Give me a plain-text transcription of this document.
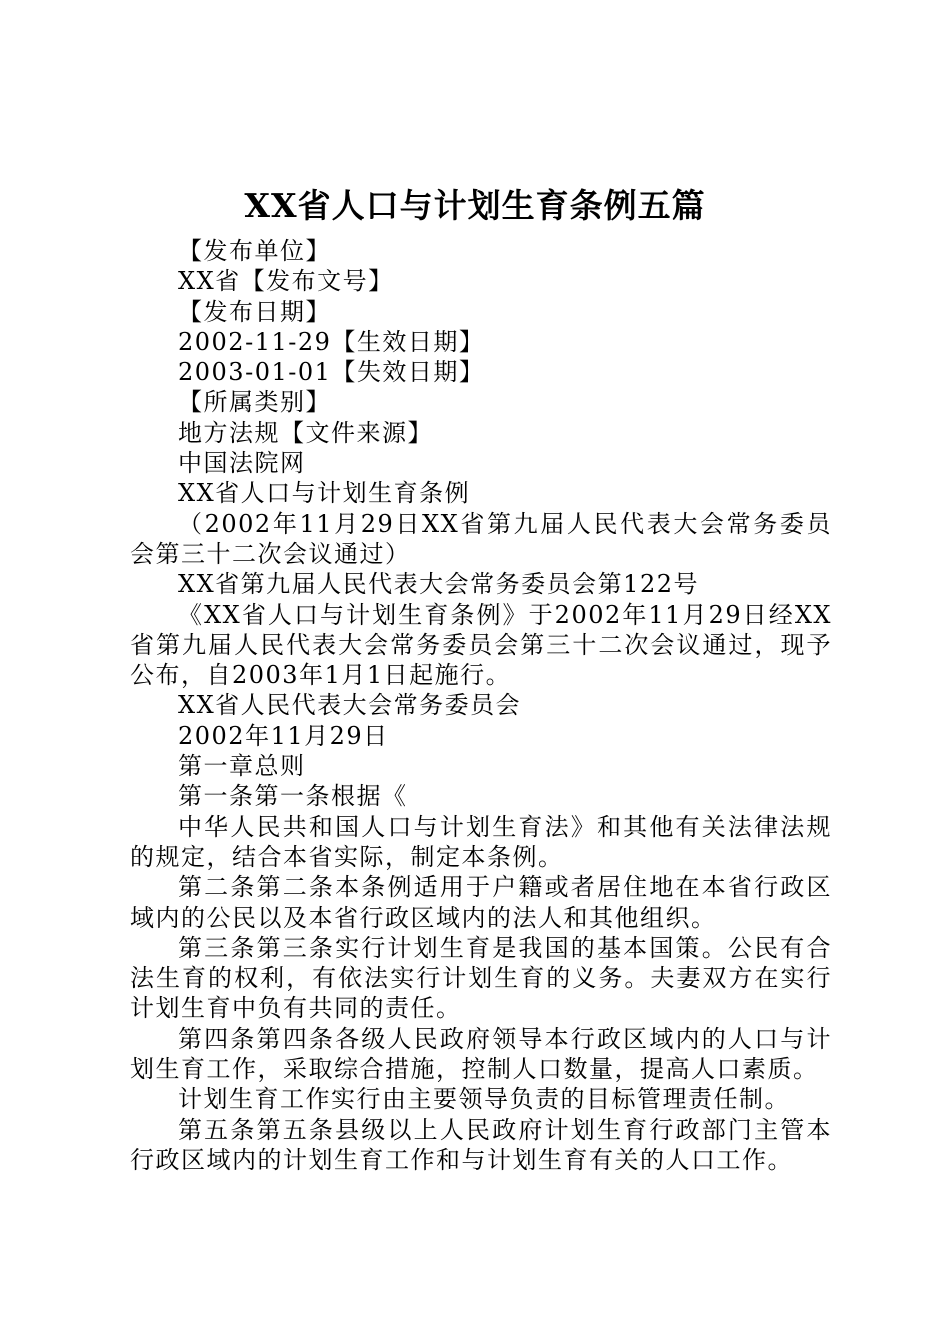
XX省人口与计划生育条例五篇

【发布单位】

XX省【发布文号】

【发布日期】

2002-11-29【生效日期】

2003-01-01【失效日期】

【所属类别】

地方法规【文件来源】

中国法院网

XX省人口与计划生育条例

（2002年11月29日XX省第九届人民代表大会常务委员会第三十二次会议通过）

XX省第九届人民代表大会常务委员会第122号

《XX省人口与计划生育条例》于2002年11月29日经XX省第九届人民代表大会常务委员会第三十二次会议通过，现予公布，自2003年1月1日起施行。

XX省人民代表大会常务委员会

2002年11月29日

第一章总则

第一条第一条根据《

中华人民共和国人口与计划生育法》和其他有关法律法规的规定，结合本省实际，制定本条例。

第二条第二条本条例适用于户籍或者居住地在本省行政区域内的公民以及本省行政区域内的法人和其他组织。

第三条第三条实行计划生育是我国的基本国策。公民有合法生育的权利，有依法实行计划生育的义务。夫妻双方在实行计划生育中负有共同的责任。

第四条第四条各级人民政府领导本行政区域内的人口与计划生育工作，采取综合措施，控制人口数量，提高人口素质。

计划生育工作实行由主要领导负责的目标管理责任制。

第五条第五条县级以上人民政府计划生育行政部门主管本行政区域内的计划生育工作和与计划生育有关的人口工作。
